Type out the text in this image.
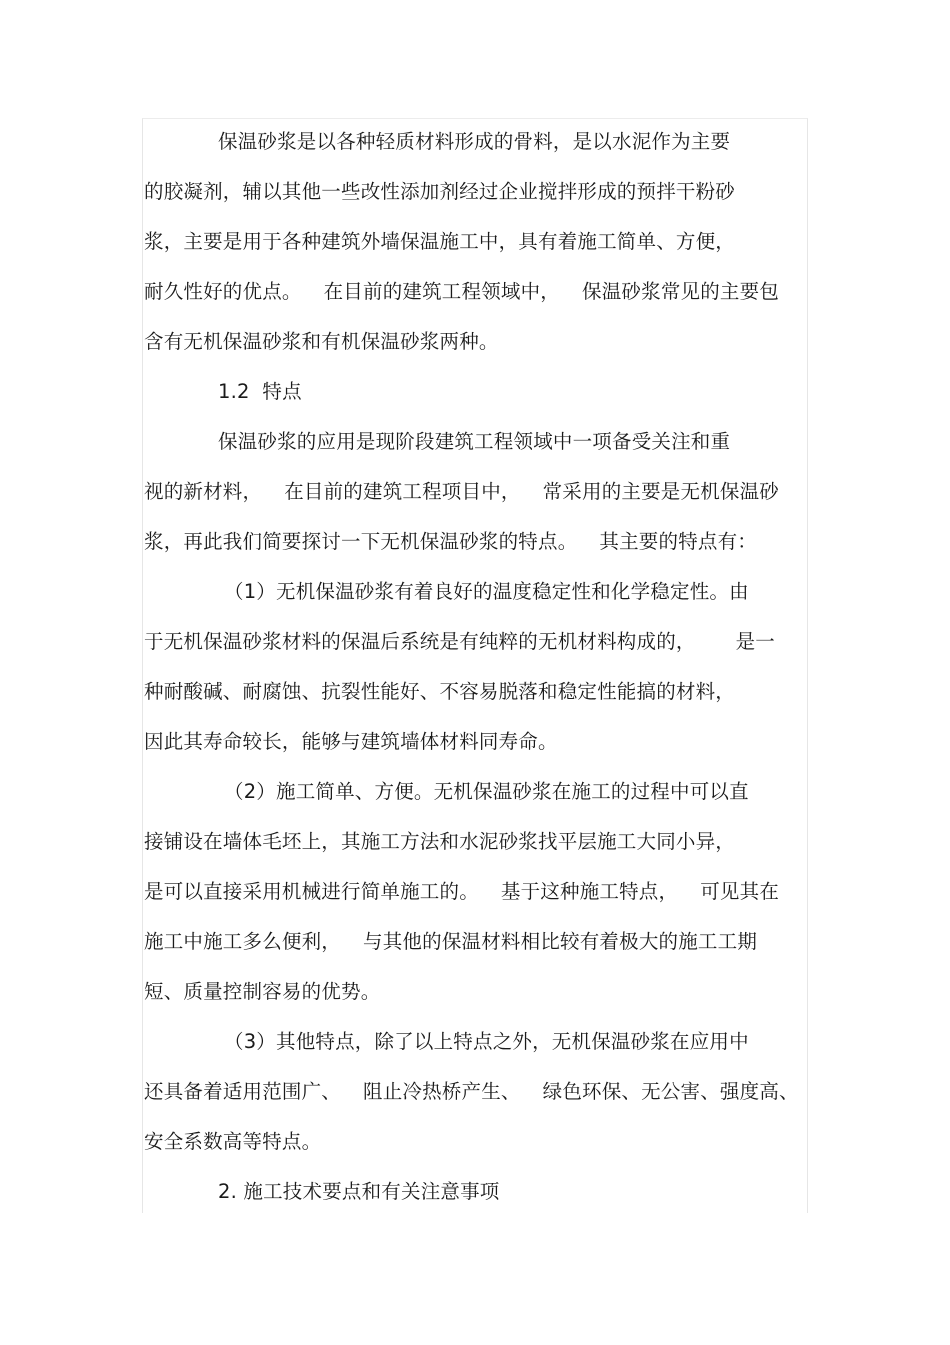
保温砂浆是以各种轻质材料形成的骨料，是以水泥作为主要
的胶凝剂，辅以其他一些改性添加剂经过企业搅拌形成的预拌干粉砂
浆，主要是用于各种建筑外墙保温施工中，具有着施工简单、方便，
耐久性好的优点。 在目前的建筑工程领域中， 保温砂浆常见的主要包
含有无机保温砂浆和有机保温砂浆两种。
1.2  特点
保温砂浆的应用是现阶段建筑工程领域中一项备受关注和重
视的新材料， 在目前的建筑工程项目中， 常采用的主要是无机保温砂
浆，再此我们简要探讨一下无机保温砂浆的特点。 其主要的特点有：
（1）无机保温砂浆有着良好的温度稳定性和化学稳定性。由
于无机保温砂浆材料的保温后系统是有纯粹的无机材料构成的， 是一
种耐酸碱、耐腐蚀、抗裂性能好、不容易脱落和稳定性能搞的材料，
因此其寿命较长，能够与建筑墙体材料同寿命。
（2）施工简单、方便。无机保温砂浆在施工的过程中可以直
接铺设在墙体毛坯上，其施工方法和水泥砂浆找平层施工大同小异，
是可以直接采用机械进行简单施工的。 基于这种施工特点， 可见其在
施工中施工多么便利， 与其他的保温材料相比较有着极大的施工工期
短、质量控制容易的优势。
（3）其他特点，除了以上特点之外，无机保温砂浆在应用中
还具备着适用范围广、 阻止冷热桥产生、 绿色环保、无公害、强度高、
安全系数高等特点。
2. 施工技术要点和有关注意事项
